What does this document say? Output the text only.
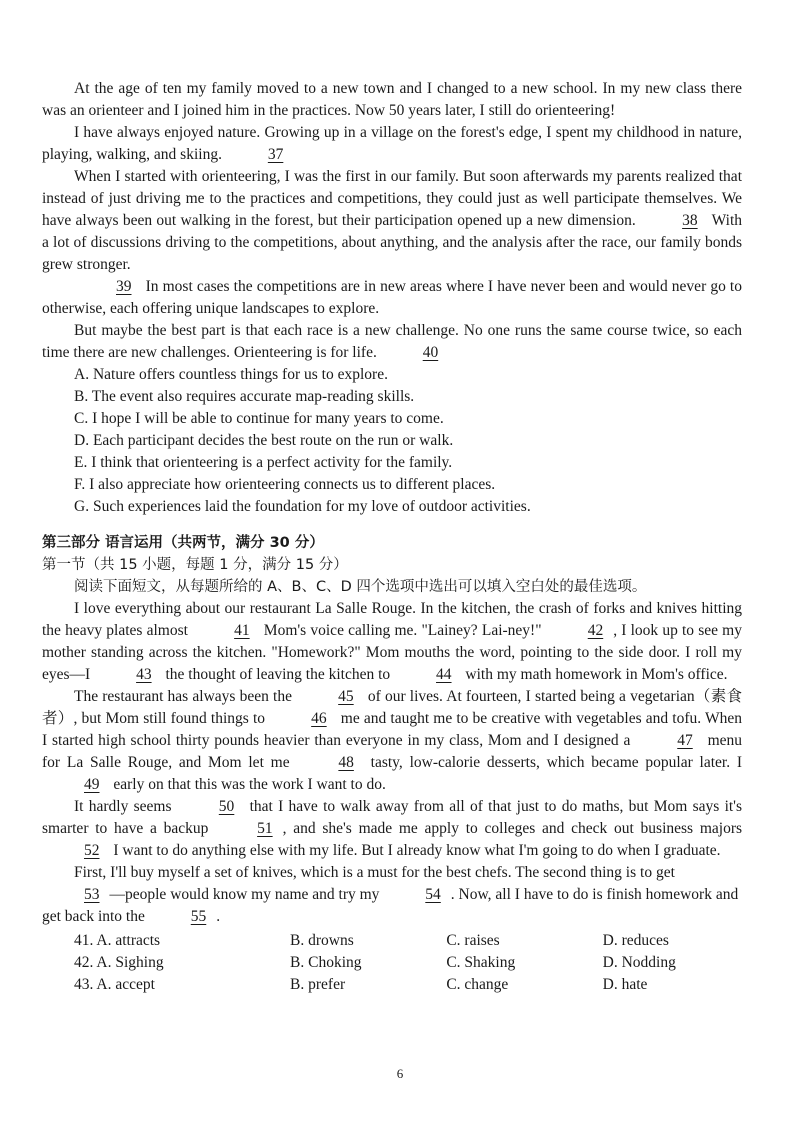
At the age of ten my family moved to a new town and I changed to a new school. In my new class there was an orienteer and I joined him in the practices. Now 50 years later, I still do orienteering!

I have always enjoyed nature. Growing up in a village on the forest's edge, I spent my childhood in nature, playing, walking, and skiing.	37

When I started with orienteering, I was the first in our family. But soon afterwards my parents realized that instead of just driving me to the practices and competitions, they could just as well participate themselves. We have always been out walking in the forest, but their participation opened up a new dimension.	38 With a lot of discussions driving to the competitions, about anything, and the analysis after the race, our family bonds grew stronger.

39 In most cases the competitions are in new areas where I have never been and would never go to otherwise, each offering unique landscapes to explore.

But maybe the best part is that each race is a new challenge. No one runs the same course twice, so each time there are new challenges. Orienteering is for life.	40

A. Nature offers countless things for us to explore.
B. The event also requires accurate map-reading skills.
C. I hope I will be able to continue for many years to come.
D. Each participant decides the best route on the run or walk.
E. I think that orienteering is a perfect activity for the family.
F. I also appreciate how orienteering connects us to different places.
G. Such experiences laid the foundation for my love of outdoor activities.
第三部分 语言运用（共两节，满分 30 分）
第一节（共 15 小题，每题 1 分，满分 15 分）
阅读下面短文，从每题所给的 A、B、C、D 四个选项中选出可以填入空白处的最佳选项。

I love everything about our restaurant La Salle Rouge. In the kitchen, the crash of forks and knives hitting the heavy plates almost	41 Mom's voice calling me. "Lainey? Lai-ney!"	42 , I look up to see my mother standing across the kitchen. "Homework?" Mom mouths the word, pointing to the side door. I roll my eyes—I	43 the thought of leaving the kitchen to	44 with my math homework in Mom's office.

The restaurant has always been the	45 of our lives. At fourteen, I started being a vegetarian（素食者）, but Mom still found things to	46 me and taught me to be creative with vegetables and tofu. When I started high school thirty pounds heavier than everyone in my class, Mom and I designed a	47 menu for La Salle Rouge, and Mom let me	48 tasty, low-calorie desserts, which became popular later. I 49 early on that this was the work I want to do.

It hardly seems	50 that I have to walk away from all of that just to do maths, but Mom says it's smarter to have a backup	51 , and she's made me apply to colleges and check out business majors 52 I want to do anything else with my life. But I already know what I'm going to do when I graduate.

First, I'll buy myself a set of knives, which is a must for the best chefs. The second thing is to get 53 —people would know my name and try my	54 . Now, all I have to do is finish homework and get back into the	55 .

41. A. attracts	B. drowns	C. raises	D. reduces
42. A. Sighing	B. Choking	C. Shaking	D. Nodding
43. A. accept	B. prefer	C. change	D. hate
6
